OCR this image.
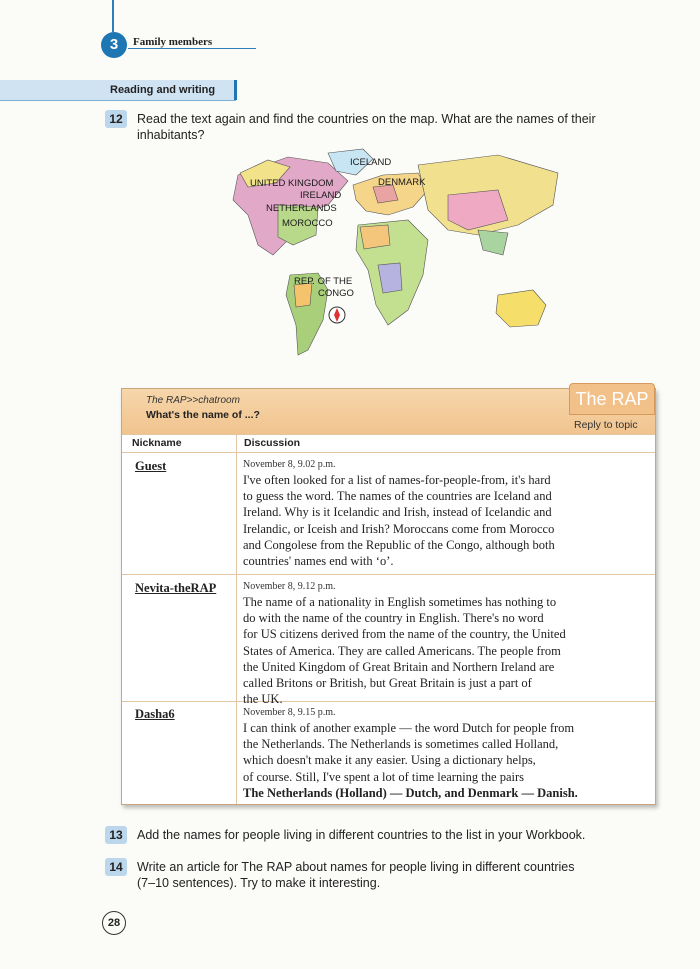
3	Family members
Reading and writing
12	Read the text again and find the countries on the map. What are the names of their inhabitants?
ICELAND
UNITED KINGDOM	DENMARK
IRELAND
NETHERLANDS
MOROCCO
REP. OF THE
CONGO
The RAP>>chatroom
What's the name of ...?
The RAP
Reply to topic
Nickname	Discussion
Guest	November 8, 9.02 p.m.
I've often looked for a list of names-for-people-from, it's hard
to guess the word. The names of the countries are Iceland and
Ireland. Why is it Icelandic and Irish, instead of Icelandic and
Irelandic, or Iceish and Irish? Moroccans come from Morocco
and Congolese from the Republic of the Congo, although both
countries' names end with ‘o’.
Nevita-theRAP	November 8, 9.12 p.m.
The name of a nationality in English sometimes has nothing to
do with the name of the country in English. There's no word
for US citizens derived from the name of the country, the United
States of America. They are called Americans. The people from
the United Kingdom of Great Britain and Northern Ireland are
called Britons or British, but Great Britain is just a part of
the UK.
Dasha6	November 8, 9.15 p.m.
I can think of another example — the word Dutch for people from
the Netherlands. The Netherlands is sometimes called Holland,
which doesn't make it any easier. Using a dictionary helps,
of course. Still, I've spent a lot of time learning the pairs
The Netherlands (Holland) — Dutch, and Denmark — Danish.
13	Add the names for people living in different countries to the list in your Workbook.
14	Write an article for The RAP about names for people living in different countries
(7–10 sentences). Try to make it interesting.
28
